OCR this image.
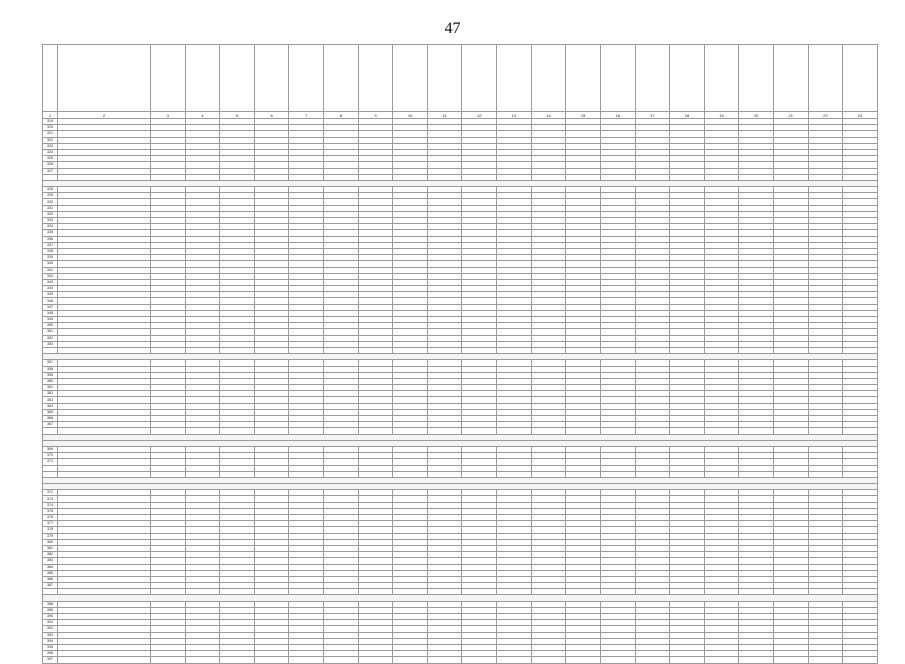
47

1	2	3	4	5	6	7	8	9	10	11	12	13	14	15	16	17	18	19	20	21	22	23
319																						
320																						
321																						
322																						
323																						
324																						
325																						
326																						
327																						

328																						
329																						
330																						
331																						
332																						
333																						
334																						
335																						
336																						
337																						
338																						
339																						
340																						
341																						
342																						
343																						
344																						
345																						
346																						
347																						
348																						
349																						
350																						
351																						
352																						
353																						

357																						
358																						
359																						
360																						
361																						
362																						
363																						
364																						
365																						
366																						
367																						

369																						
370																						
371																						

372																						
373																						
374																						
375																						
376																						
377																						
378																						
379																						
380																						
381																						
382																						
383																						
384																						
385																						
386																						
387																						

388																						
389																						
390																						
391																						
392																						
393																						
394																						
395																						
396																						
397																						
